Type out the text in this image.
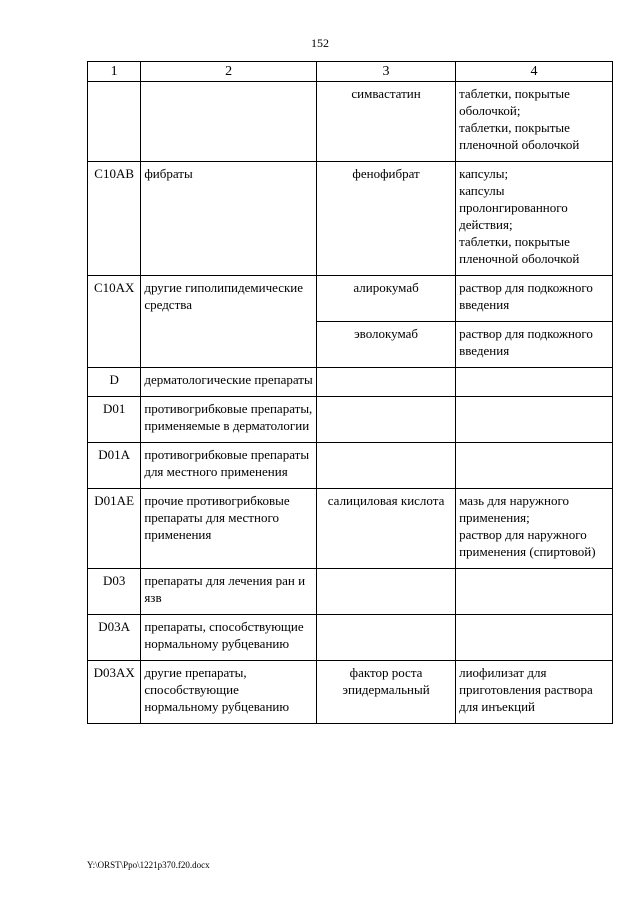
152
1	2	3	4
		симвастатин	таблетки, покрытые оболочкой;
таблетки, покрытые пленочной оболочкой
C10AB	фибраты	фенофибрат	капсулы;
капсулы пролонгированного действия;
таблетки, покрытые пленочной оболочкой
C10AX	другие гиполипидемические средства	алирокумаб	раствор для подкожного введения
		эволокумаб	раствор для подкожного введения
D	дерматологические препараты		
D01	противогрибковые препараты, применяемые в дерматологии		
D01A	противогрибковые препараты для местного применения		
D01AE	прочие противогрибковые препараты для местного применения	салициловая кислота	мазь для наружного применения;
раствор для наружного применения (спиртовой)
D03	препараты для лечения ран и язв		
D03A	препараты, способствующие нормальному рубцеванию		
D03AX	другие препараты, способствующие нормальному рубцеванию	фактор роста эпидермальный	лиофилизат для приготовления раствора для инъекций
Y:\ORST\Ppo\1221p370.f20.docx
